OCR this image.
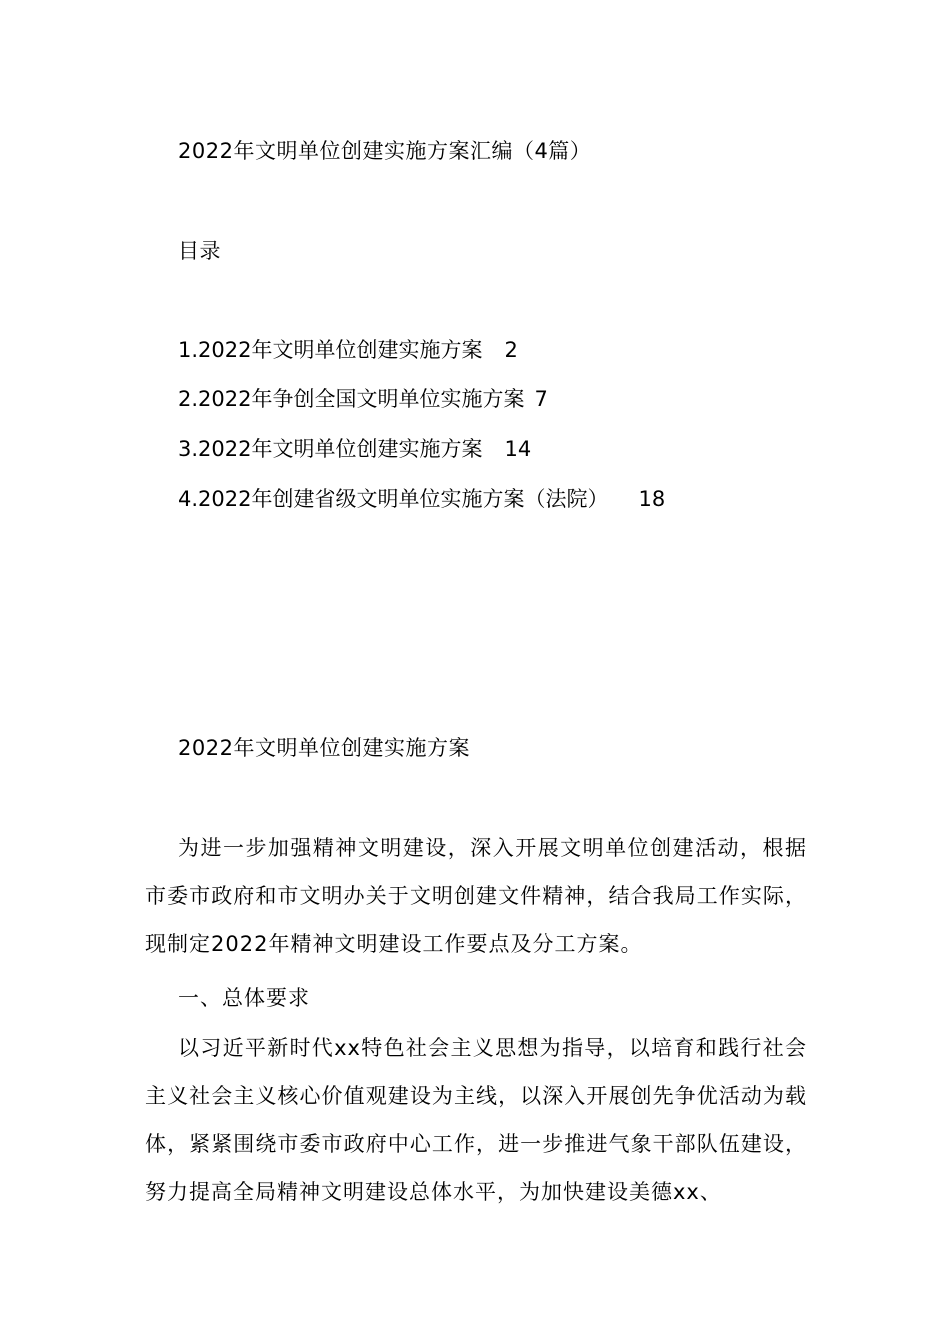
2022年文明单位创建实施方案汇编（4篇）
目录
1.2022年文明单位创建实施方案 2
2.2022年争创全国文明单位实施方案 7
3.2022年文明单位创建实施方案 14
4.2022年创建省级文明单位实施方案（法院） 18
2022年文明单位创建实施方案
为进一步加强精神文明建设，深入开展文明单位创建活动，根据市委市政府和市文明办关于文明创建文件精神，结合我局工作实际，现制定2022年精神文明建设工作要点及分工方案。
一、总体要求
以习近平新时代xx特色社会主义思想为指导，以培育和践行社会主义社会主义核心价值观建设为主线，以深入开展创先争优活动为载体，紧紧围绕市委市政府中心工作，进一步推进气象干部队伍建设，努力提高全局精神文明建设总体水平，为加快建设美德xx、
